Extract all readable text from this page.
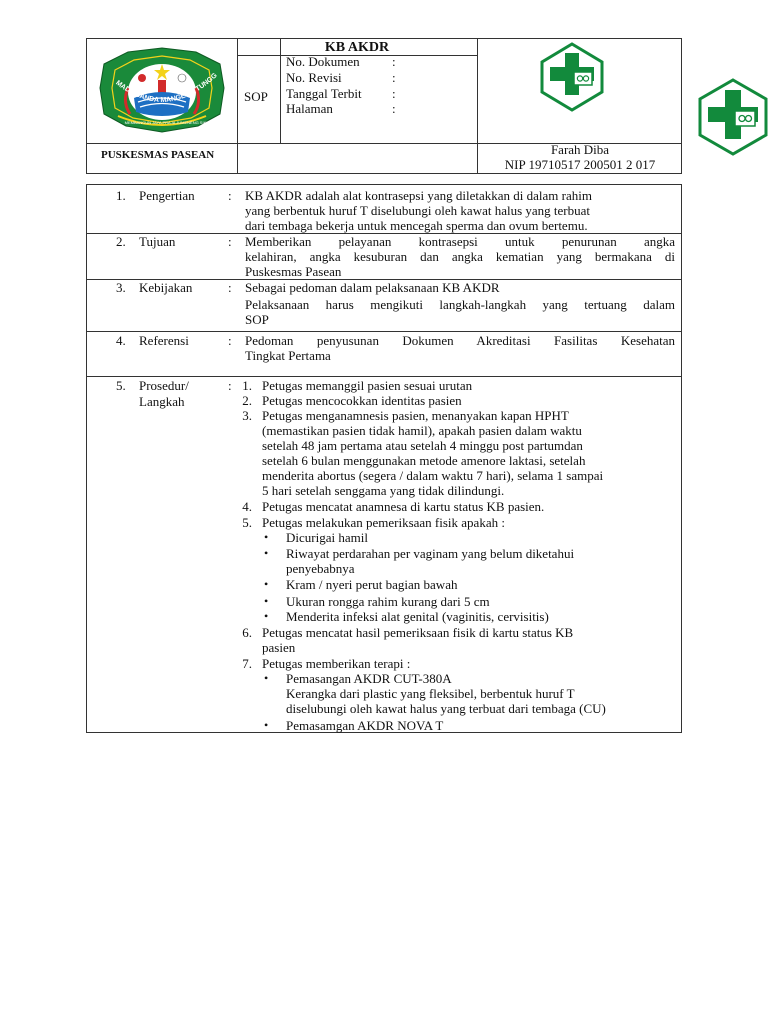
MADU SANDA MANGESTI TUNGG
MEMBANGUN JAYA PRAJA JUMENENG SIKI
KB AKDR
SOP
No. Dokumen :
No. Revisi	:
Tanggal Terbit :
Halaman	:
PUSKESMAS PASEAN	Farah Diba
NIP 19710517 200501 2 017
1. Pengertian	: KB AKDR adalah alat kontrasepsi yang diletakkan di dalam rahim
yang berbentuk huruf T diselubungi oleh kawat halus yang terbuat
dari tembaga bekerja untuk mencegah sperma dan ovum bertemu.
2. Tujuan	: Memberikan pelayanan kontrasepsi untuk penurunan angka
kelahiran, angka kesuburan dan angka kematian yang bermakana di
Puskesmas Pasean
3. Kebijakan	: Sebagai pedoman dalam pelaksanaan KB AKDR
Pelaksanaan harus mengikuti langkah-langkah yang tertuang dalam
SOP
4. Referensi	: Pedoman penyusunan Dokumen Akreditasi Fasilitas Kesehatan
Tingkat Pertama
5. Prosedur/
Langkah
: 1. Petugas memanggil pasien sesuai urutan
2. Petugas mencocokkan identitas pasien
3. Petugas menganamnesis pasien, menanyakan kapan HPHT
(memastikan pasien tidak hamil), apakah pasien dalam waktu
setelah 48 jam pertama atau setelah 4 minggu post partumdan
setelah 6 bulan menggunakan metode amenore laktasi, setelah
menderita abortus (segera / dalam waktu 7 hari), selama 1 sampai
5 hari setelah senggama yang tidak dilindungi.
4. Petugas mencatat anamnesa di kartu status KB pasien.
5. Petugas melakukan pemeriksaan fisik apakah :
• Dicurigai hamil
• Riwayat perdarahan per vaginam yang belum diketahui
penyebabnya
• Kram / nyeri perut bagian bawah
• Ukuran rongga rahim kurang dari 5 cm
• Menderita infeksi alat genital (vaginitis, cervisitis)
6. Petugas mencatat hasil pemeriksaan fisik di kartu status KB
pasien
7. Petugas memberikan terapi :
• Pemasangan AKDR CUT-380A
Kerangka dari plastic yang fleksibel, berbentuk huruf T
diselubungi oleh kawat halus yang terbuat dari tembaga (CU)
• Pemasamgan AKDR NOVA T
